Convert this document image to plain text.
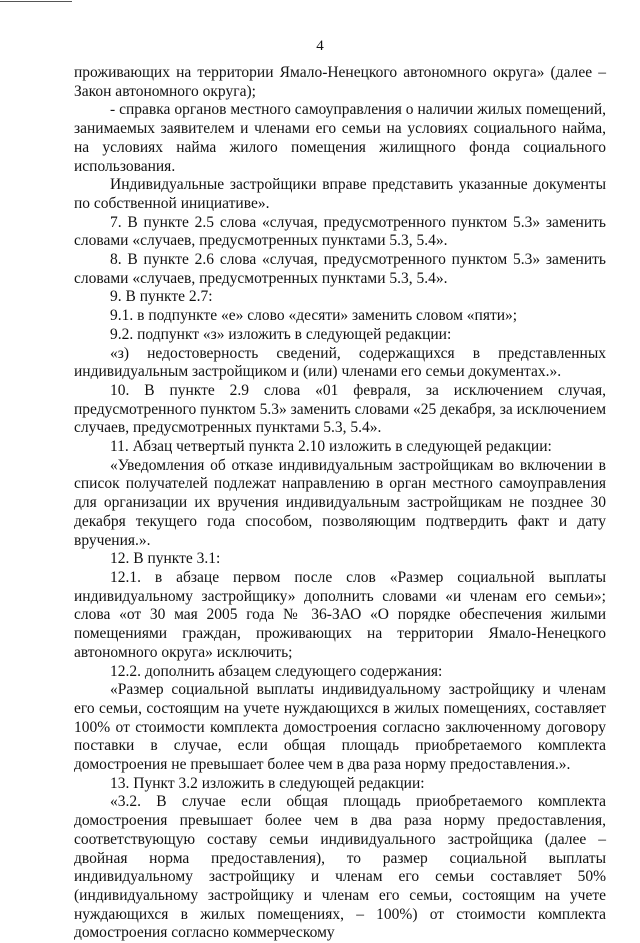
4

проживающих на территории Ямало-Ненецкого автономного округа» (далее – Закон автономного округа);

- справка органов местного самоуправления о наличии жилых помещений, занимаемых заявителем и членами его семьи на условиях социального найма, на условиях найма жилого помещения жилищного фонда социального использования.

Индивидуальные застройщики вправе представить указанные документы по собственной инициативе».

7. В пункте 2.5 слова «случая, предусмотренного пунктом 5.3» заменить словами «случаев, предусмотренных пунктами 5.3, 5.4».

8. В пункте 2.6 слова «случая, предусмотренного пунктом 5.3» заменить словами «случаев, предусмотренных пунктами 5.3, 5.4».

9. В пункте 2.7:

9.1. в подпункте «е» слово «десяти» заменить словом «пяти»;

9.2. подпункт «з» изложить в следующей редакции:

«з) недостоверность сведений, содержащихся в представленных индивидуальным застройщиком и (или) членами его семьи документах.».

10. В пункте 2.9 слова «01 февраля, за исключением случая, предусмотренного пунктом 5.3» заменить словами «25 декабря, за исключением случаев, предусмотренных пунктами 5.3, 5.4».

11. Абзац четвертый пункта 2.10 изложить в следующей редакции:

«Уведомления об отказе индивидуальным застройщикам во включении в список получателей подлежат направлению в орган местного самоуправления для организации их вручения индивидуальным застройщикам не позднее 30 декабря текущего года способом, позволяющим подтвердить факт и дату вручения.».

12. В пункте 3.1:

12.1. в абзаце первом после слов «Размер социальной выплаты индивидуальному застройщику» дополнить словами «и членам его семьи»; слова «от 30 мая 2005 года № 36-ЗАО «О порядке обеспечения жилыми помещениями граждан, проживающих на территории Ямало-Ненецкого автономного округа» исключить;

12.2. дополнить абзацем следующего содержания:

«Размер социальной выплаты индивидуальному застройщику и членам его семьи, состоящим на учете нуждающихся в жилых помещениях, составляет 100% от стоимости комплекта домостроения согласно заключенному договору поставки в случае, если общая площадь приобретаемого комплекта домостроения не превышает более чем в два раза норму предоставления.».

13. Пункт 3.2 изложить в следующей редакции:

«3.2. В случае если общая площадь приобретаемого комплекта домостроения превышает более чем в два раза норму предоставления, соответствующую составу семьи индивидуального застройщика (далее – двойная норма предоставления), то размер социальной выплаты индивидуальному застройщику и членам его семьи составляет 50% (индивидуальному застройщику и членам его семьи, состоящим на учете нуждающихся в жилых помещениях, – 100%) от стоимости комплекта домостроения согласно коммерческому
